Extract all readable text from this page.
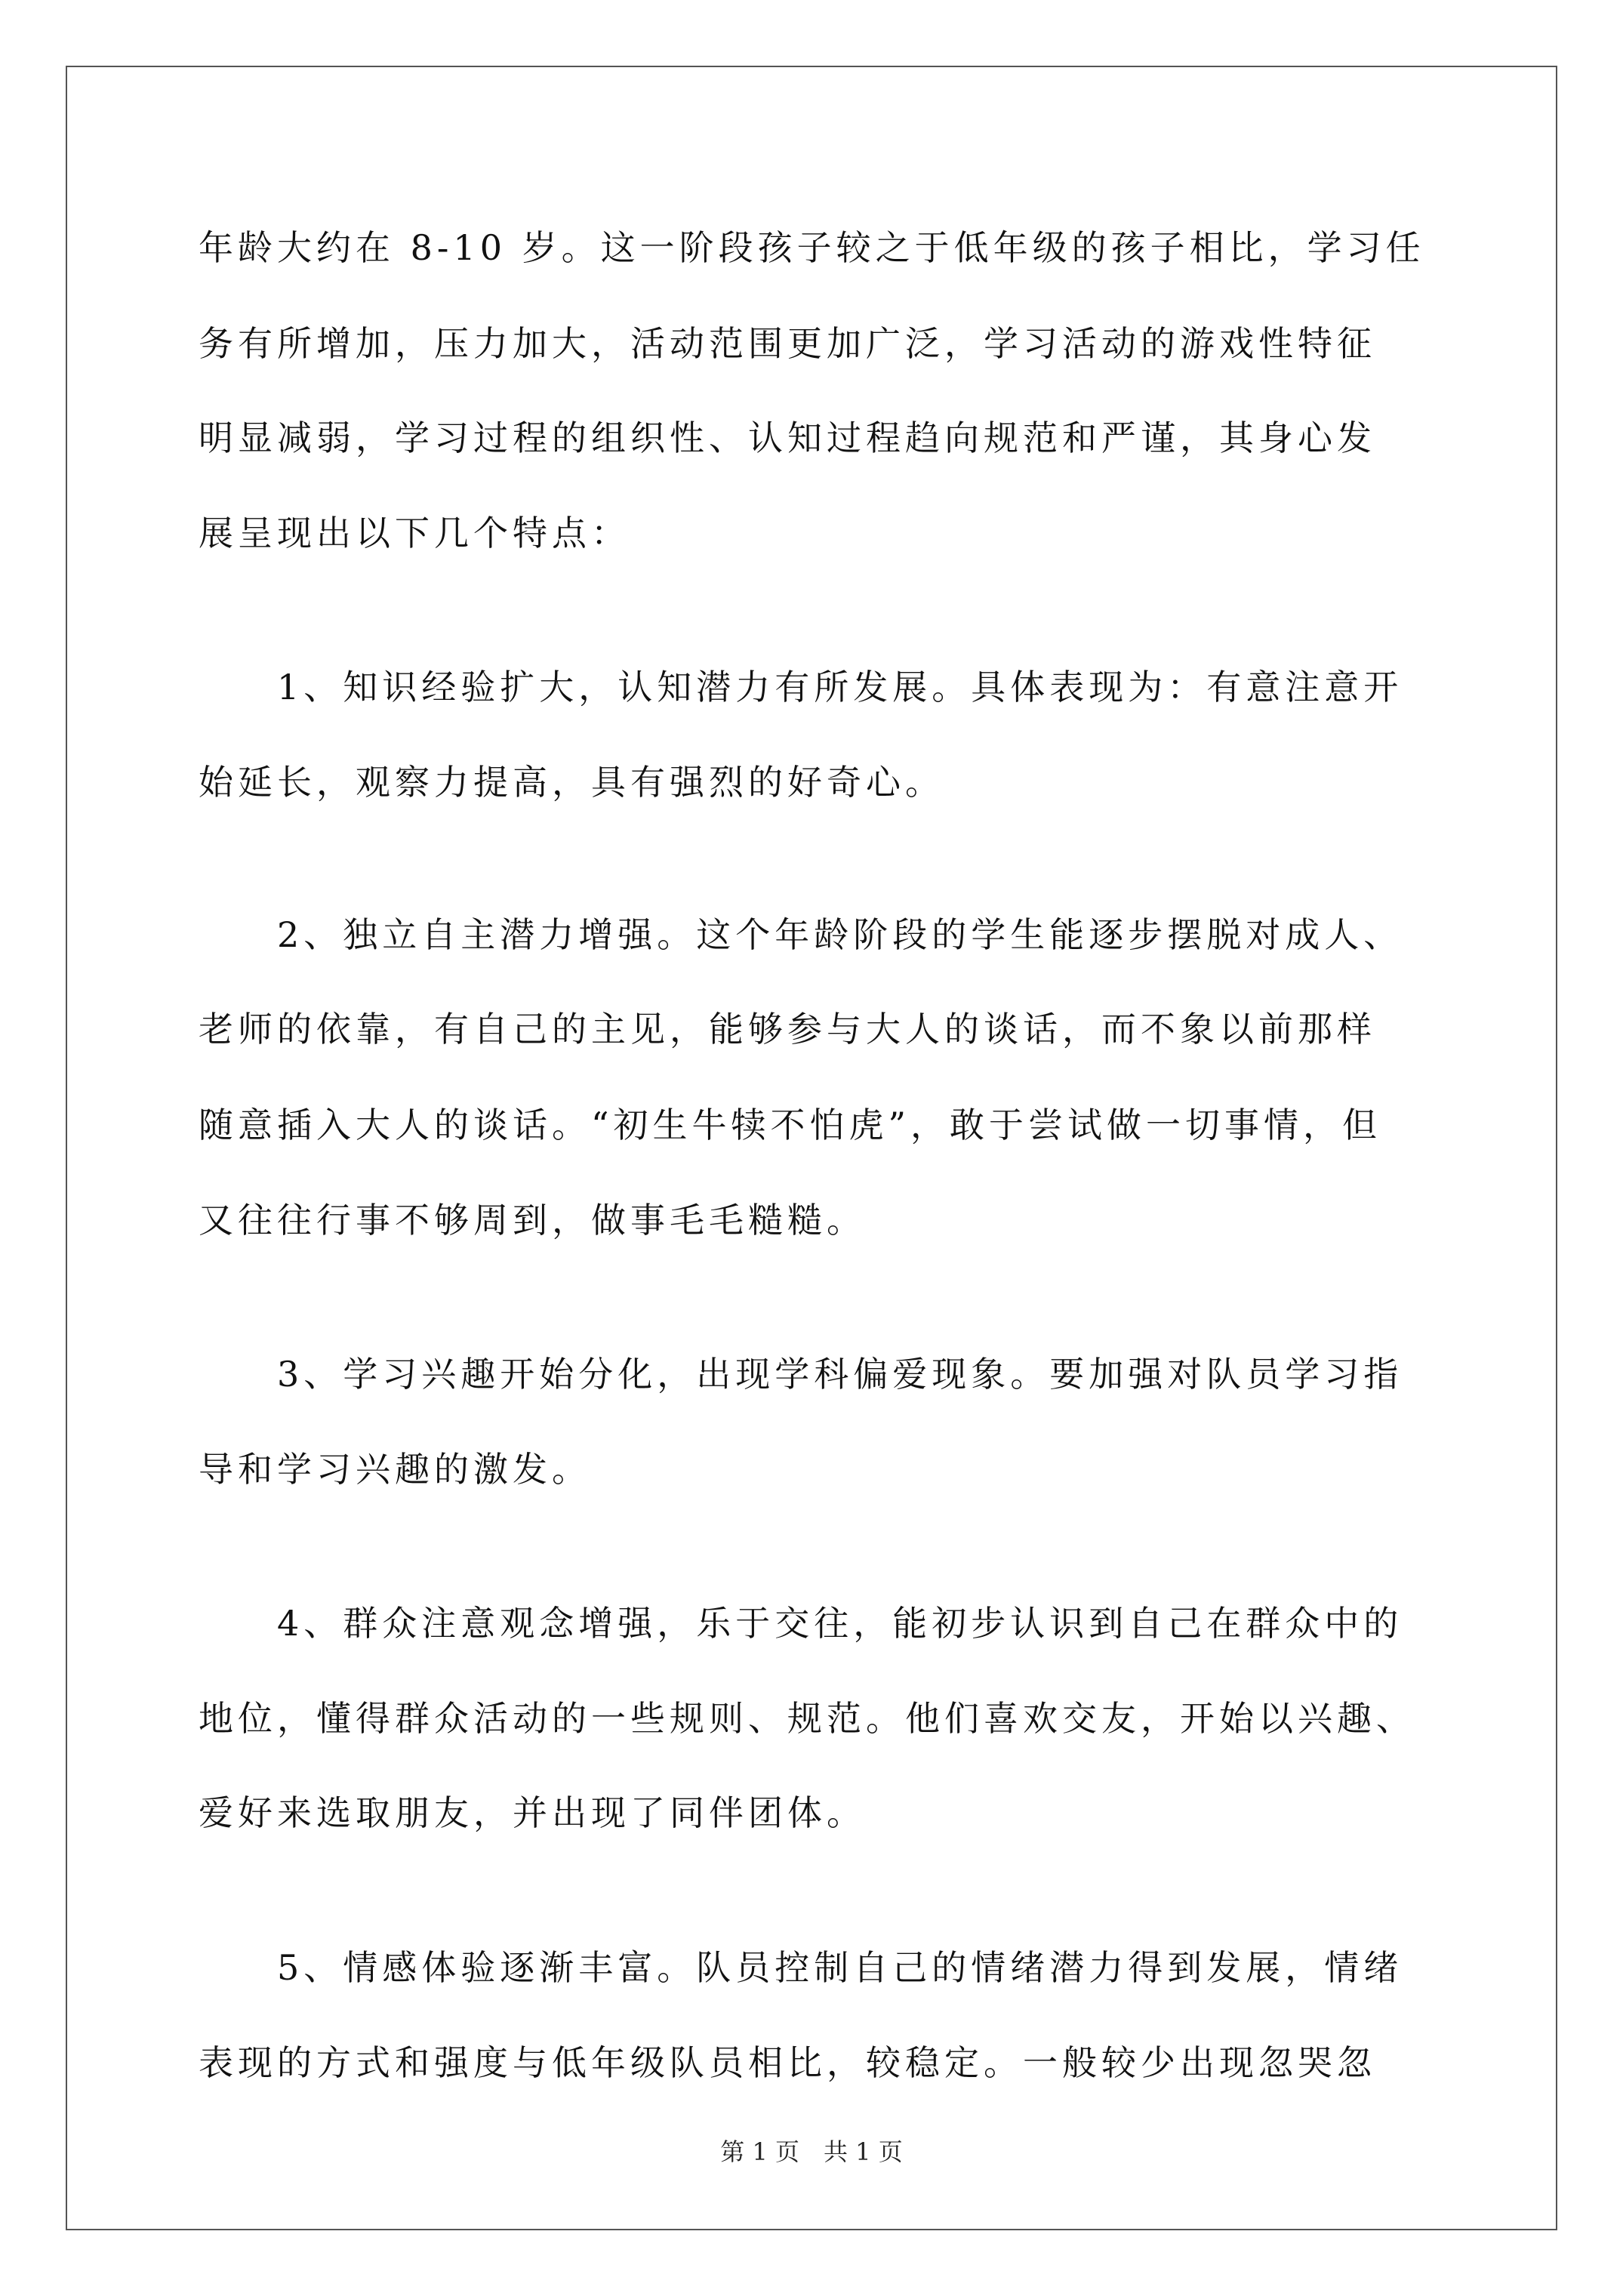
年龄大约在 8-10 岁。这一阶段孩子较之于低年级的孩子相比，学习任
务有所增加，压力加大，活动范围更加广泛，学习活动的游戏性特征
明显减弱，学习过程的组织性、认知过程趋向规范和严谨，其身心发
展呈现出以下几个特点：
　　1、知识经验扩大，认知潜力有所发展。具体表现为：有意注意开
始延长，观察力提高，具有强烈的好奇心。
　　2、独立自主潜力增强。这个年龄阶段的学生能逐步摆脱对成人、
老师的依靠，有自己的主见，能够参与大人的谈话，而不象以前那样
随意插入大人的谈话。“初生牛犊不怕虎”，敢于尝试做一切事情，但
又往往行事不够周到，做事毛毛糙糙。
　　3、学习兴趣开始分化，出现学科偏爱现象。要加强对队员学习指
导和学习兴趣的激发。
　　4、群众注意观念增强，乐于交往，能初步认识到自己在群众中的
地位，懂得群众活动的一些规则、规范。他们喜欢交友，开始以兴趣、
爱好来选取朋友，并出现了同伴团体。
　　5、情感体验逐渐丰富。队员控制自己的情绪潜力得到发展，情绪
表现的方式和强度与低年级队员相比，较稳定。一般较少出现忽哭忽
第 1 页　共 1 页
